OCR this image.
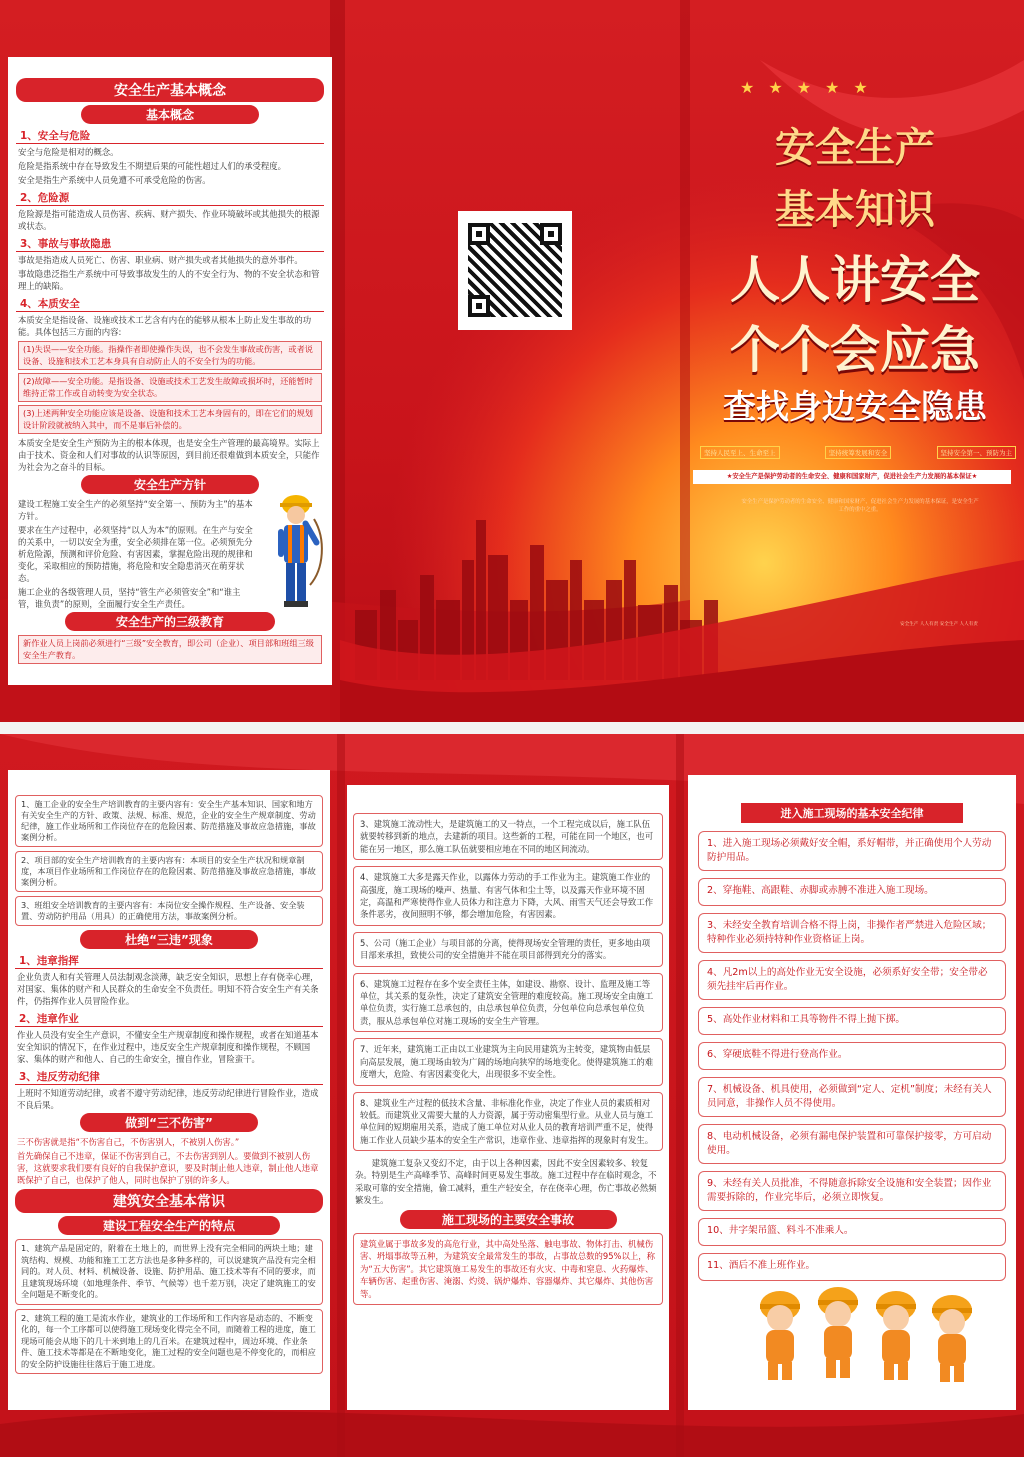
安全生产基本概念
基本概念
1、安全与危险
安全与危险是相对的概念。
危险是指系统中存在导致发生不期望后果的可能性超过人们的承受程度。
安全是指生产系统中人员免遭不可承受危险的伤害。
2、危险源
危险源是指可能造成人员伤害、疾病、财产损失、作业环境破坏或其他损失的根源或状态。
3、事故与事故隐患
事故是指造成人员死亡、伤害、职业病、财产损失或者其他损失的意外事件。
事故隐患泛指生产系统中可导致事故发生的人的不安全行为、物的不安全状态和管理上的缺陷。
4、本质安全
本质安全是指设备、设施或技术工艺含有内在的能够从根本上防止发生事故的功能。具体包括三方面的内容:
(1)失误——安全功能。指操作者即使操作失误，也不会发生事故或伤害，或者说设备、设施和技术工艺本身具有自动防止人的不安全行为的功能。
(2)故障——安全功能。是指设备、设施或技术工艺发生故障或损坏时，还能暂时维持正常工作或自动转变为安全状态。
(3)上述两种安全功能应该是设备、设施和技术工艺本身固有的，即在它们的规划设计阶段就被纳入其中，而不是事后补偿的。
本质安全是安全生产预防为主的根本体现，也是安全生产管理的最高境界。实际上由于技术、资金和人们对事故的认识等原因，到目前还很难做到本质安全，只能作为社会为之奋斗的目标。
安全生产方针
建设工程施工安全生产的必须坚持“安全第一、预防为主”的基本方针。
要求在生产过程中，必须坚持“以人为本”的原则。在生产与安全的关系中，一切以安全为重，安全必须排在第一位。必须预先分析危险源，预测和评价危险、有害因素，掌握危险出现的规律和变化，采取相应的预防措施，将危险和安全隐患消灭在萌芽状态。
施工企业的各级管理人员，坚持“管生产必须管安全”和“谁主管，谁负责”的原则，全面履行安全生产责任。
安全生产的三级教育
新作业人员上岗前必须进行“三级”安全教育，即公司（企业）、项目部和班组三级安全生产教育。
★★★★★
安全生产
基本知识
人人讲安全
个个会应急
查找身边安全隐患
坚持人民至上、生命至上	坚持统筹发展和安全	坚持安全第一、预防为主
★安全生产是保护劳动者的生命安全、健康和国家财产，促进社会生产力发展的基本保证★
安全生产是保护劳动者的生命安全、健康和国家财产，促进社会生产力发展的基本保证，是安全生产工作的重中之重。
安全生产 人人有责 安全生产 人人有责
1、施工企业的安全生产培训教育的主要内容有：安全生产基本知识、国家和地方有关安全生产的方针、政策、法规、标准、规范，企业的安全生产规章制度、劳动纪律，施工作业场所和工作岗位存在的危险因素、防范措施及事故应急措施，事故案例分析。
2、项目部的安全生产培训教育的主要内容有：本项目的安全生产状况和规章制度，本项目作业场所和工作岗位存在的危险因素、防范措施及事故应急措施，事故案例分析。
3、班组安全培训教育的主要内容有：本岗位安全操作规程、生产设备、安全装置、劳动防护用品（用具）的正确使用方法，事故案例分析。
杜绝“三违”现象
1、违章指挥
企业负责人和有关管理人员法制观念淡薄，缺乏安全知识，思想上存有侥幸心理，对国家、集体的财产和人民群众的生命安全不负责任。明知不符合安全生产有关条件，仍指挥作业人员冒险作业。
2、违章作业
作业人员没有安全生产意识，不懂安全生产规章制度和操作规程，或者在知道基本安全知识的情况下，在作业过程中，违反安全生产规章制度和操作规程，不顾国家、集体的财产和他人、自己的生命安全，擅自作业，冒险蛮干。
3、违反劳动纪律
上班时不知道劳动纪律，或者不遵守劳动纪律，违反劳动纪律进行冒险作业，造成不良后果。
做到“三不伤害”
三不伤害就是指“不伤害自己，不伤害别人，不被别人伤害。”
首先确保自己不违章，保证不伤害到自己，不去伤害到别人。要做到不被别人伤害，这就要求我们要有良好的自我保护意识，要及时制止他人违章，制止他人违章既保护了自己，也保护了他人，同时也保护了别的许多人。
建筑安全基本常识
建设工程安全生产的特点
1、建筑产品是固定的，附着在土地上的，而世界上没有完全相同的两块土地；建筑结构、规模、功能和施工工艺方法也是多种多样的，可以说建筑产品没有完全相同的。对人员、材料、机械设备、设施、防护用品、施工技术等有不同的要求，而且建筑现场环境（如地理条件、季节、气候等）也千差万别，决定了建筑施工的安全问题是不断变化的。
2、建筑工程的施工是流水作业，建筑业的工作场所和工作内容是动态的、不断变化的，每一个工序都可以使得施工现场变化得完全不同，而随着工程的进度，施工现场可能会从地下的几十米到地上的几百米。在建筑过程中，周边环境、作业条件、施工技术等都是在不断地变化，施工过程的安全问题也是不停变化的，而相应的安全防护设施往往落后于施工进度。
3、建筑施工流动性大，是建筑施工的又一特点，一个工程完成以后，施工队伍就要转移到新的地点，去建新的项目。这些新的工程，可能在同一个地区，也可能在另一地区，那么施工队伍就要相应地在不同的地区间流动。
4、建筑施工大多是露天作业，以露体力劳动的手工作业为主。建筑施工作业的高强度，施工现场的噪声、热量、有害气体和尘土等，以及露天作业环境不固定，高温和严寒使得作业人员体力和注意力下降，大风、雨雪天气还会导致工作条件恶劣，夜间照明不够，都会增加危险，有害因素。
5、公司（施工企业）与项目部的分离，使得现场安全管理的责任，更多地由项目部来承担，致使公司的安全措施并不能在项目部得到充分的落实。
6、建筑施工过程存在多个安全责任主体，如建设、勘察、设计、监理及施工等单位，其关系的复杂性，决定了建筑安全管理的难度较高。施工现场安全由施工单位负责，实行施工总承包的，由总承包单位负责，分包单位向总承包单位负责，服从总承包单位对施工现场的安全生产管理。
7、近年来，建筑施工正由以工业建筑为主向民用建筑为主转变，建筑物由低层向高层发展，施工现场由较为广阔的场地向狭窄的场地变化。使得建筑施工的难度增大，危险、有害因素变化大，出现很多不安全性。
8、建筑业生产过程的低技术含量、非标准化作业，决定了作业人员的素质相对较低。而建筑业又需要大量的人力资源，属于劳动密集型行业。从业人员与施工单位间的短期雇用关系，造成了施工单位对从业人员的教育培训严重不足，使得施工作业人员缺少基本的安全生产常识，违章作业、违章指挥的现象时有发生。
建筑施工复杂又变幻不定，由于以上各种因素，因此不安全因素较多、较复杂。特别是生产高峰季节、高峰时间更易发生事故。施工过程中存在临时观念，不采取可靠的安全措施，偷工减料，重生产轻安全，存在侥幸心理，伤亡事故必然频繁发生。
施工现场的主要安全事故
建筑业属于事故多发的高危行业，其中高处坠落、触电事故、物体打击、机械伤害、坍塌事故等五种，为建筑安全最常发生的事故，占事故总数的95%以上，称为“五大伤害”。其它建筑施工易发生的事故还有火灾、中毒和窒息、火药爆炸、车辆伤害、起重伤害、淹溺、灼烫、锅炉爆炸、容器爆炸、其它爆炸、其他伤害等。
进入施工现场的基本安全纪律
1、进入施工现场必须戴好安全帽，系好帽带，并正确使用个人劳动防护用品。
2、穿拖鞋、高跟鞋、赤脚或赤膊不准进入施工现场。
3、未经安全教育培训合格不得上岗，非操作者严禁进入危险区域；特种作业必须持特种作业资格证上岗。
4、凡2m以上的高处作业无安全设施，必须系好安全带；安全带必须先挂牢后再作业。
5、高处作业材料和工具等物件不得上抛下掷。
6、穿硬底鞋不得进行登高作业。
7、机械设备、机具使用，必须做到“定人、定机”制度；未经有关人员同意，非操作人员不得使用。
8、电动机械设备，必须有漏电保护装置和可靠保护接零，方可启动使用。
9、未经有关人员批准，不得随意拆除安全设施和安全装置；因作业需要拆除的，作业完毕后，必须立即恢复。
10、井字架吊篮、料斗不准乘人。
11、酒后不准上班作业。
